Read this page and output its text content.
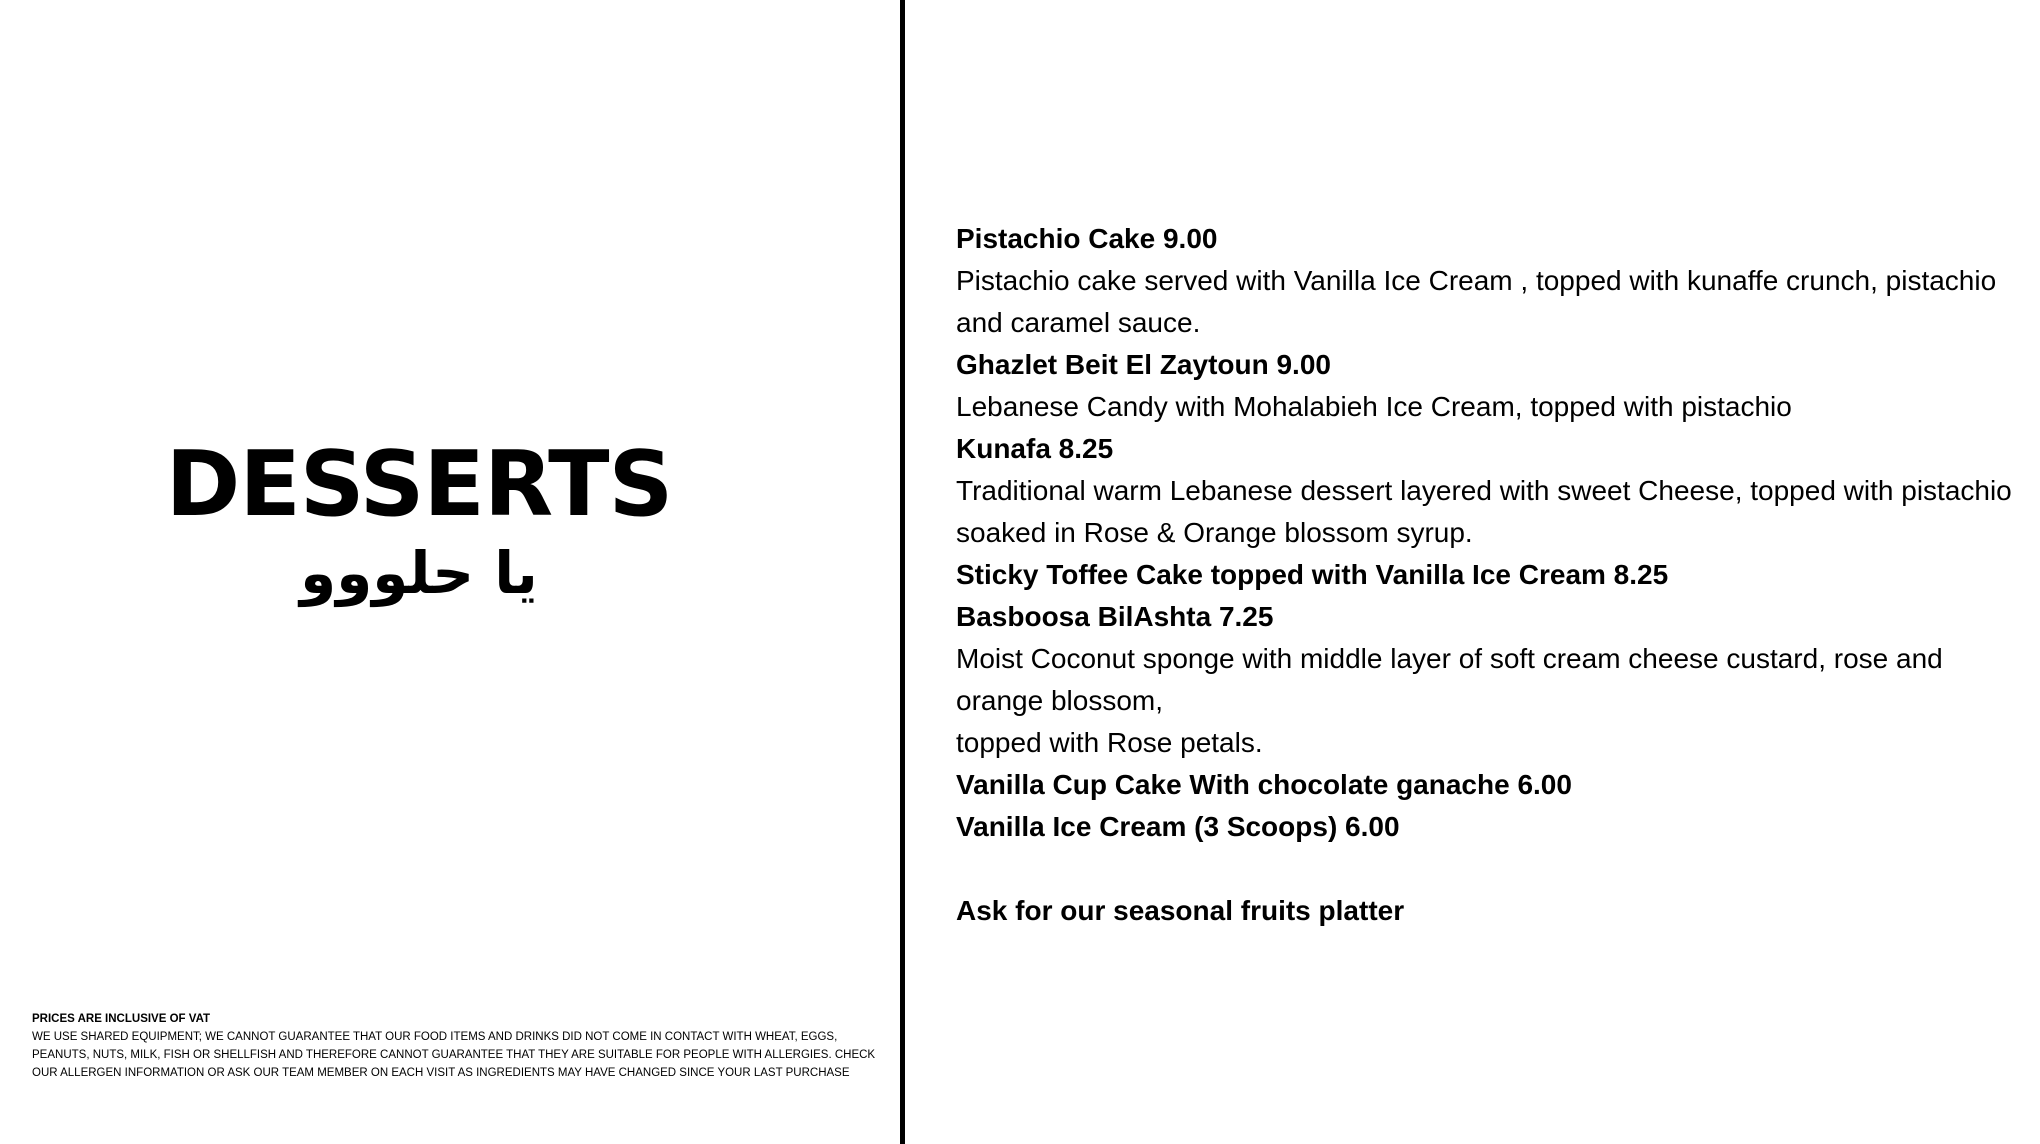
DESSERTS
يا حلووو
PRICES ARE INCLUSIVE OF VAT
WE USE SHARED EQUIPMENT; WE CANNOT GUARANTEE THAT OUR FOOD ITEMS AND DRINKS DID NOT COME IN CONTACT WITH WHEAT, EGGS, PEANUTS, NUTS, MILK, FISH OR SHELLFISH AND THEREFORE CANNOT GUARANTEE THAT THEY ARE SUITABLE FOR PEOPLE WITH ALLERGIES. CHECK OUR ALLERGEN INFORMATION OR ASK OUR TEAM MEMBER ON EACH VISIT AS INGREDIENTS MAY HAVE CHANGED SINCE YOUR LAST PURCHASE
Pistachio Cake 9.00
Pistachio cake served with Vanilla Ice Cream , topped with kunaffe crunch, pistachio
and caramel sauce.
Ghazlet Beit El Zaytoun 9.00
Lebanese Candy with Mohalabieh Ice Cream, topped with pistachio
Kunafa 8.25
Traditional warm Lebanese dessert layered with sweet Cheese, topped with pistachio
soaked in Rose & Orange blossom syrup.
Sticky Toffee Cake topped with Vanilla Ice Cream 8.25
Basboosa BilAshta 7.25
Moist Coconut sponge with middle layer of soft cream cheese custard, rose and
orange blossom,
topped with Rose petals.
Vanilla Cup Cake With chocolate ganache 6.00
Vanilla Ice Cream (3 Scoops) 6.00
Ask for our seasonal fruits platter
